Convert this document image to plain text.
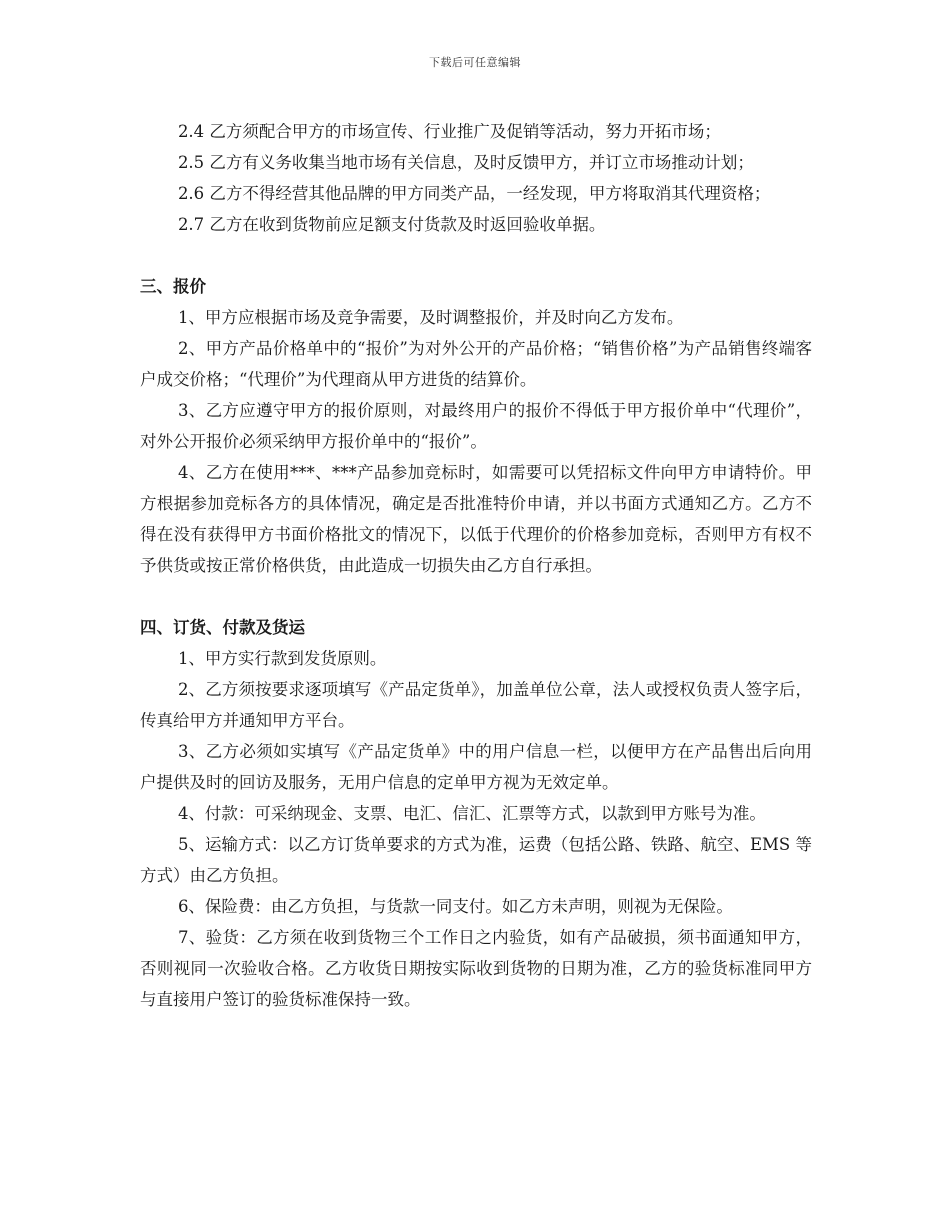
下载后可任意编辑

2.4 乙方须配合甲方的市场宣传、行业推广及促销等活动，努力开拓市场；

2.5 乙方有义务收集当地市场有关信息，及时反馈甲方，并订立市场推动计划；

2.6 乙方不得经营其他品牌的甲方同类产品，一经发现，甲方将取消其代理资格；

2.7 乙方在收到货物前应足额支付货款及时返回验收单据。

三、报价

1、甲方应根据市场及竞争需要，及时调整报价，并及时向乙方发布。

2、甲方产品价格单中的“报价”为对外公开的产品价格；“销售价格”为产品销售终端客户成交价格；“代理价”为代理商从甲方进货的结算价。

3、乙方应遵守甲方的报价原则，对最终用户的报价不得低于甲方报价单中“代理价”，对外公开报价必须采纳甲方报价单中的“报价”。

4、乙方在使用***、***产品参加竞标时，如需要可以凭招标文件向甲方申请特价。甲方根据参加竞标各方的具体情况，确定是否批准特价申请，并以书面方式通知乙方。乙方不得在没有获得甲方书面价格批文的情况下，以低于代理价的价格参加竞标，否则甲方有权不予供货或按正常价格供货，由此造成一切损失由乙方自行承担。

四、订货、付款及货运

1、甲方实行款到发货原则。

2、乙方须按要求逐项填写《产品定货单》，加盖单位公章，法人或授权负责人签字后，传真给甲方并通知甲方平台。

3、乙方必须如实填写《产品定货单》中的用户信息一栏，以便甲方在产品售出后向用户提供及时的回访及服务，无用户信息的定单甲方视为无效定单。

4、付款：可采纳现金、支票、电汇、信汇、汇票等方式，以款到甲方账号为准。

5、运输方式：以乙方订货单要求的方式为准，运费（包括公路、铁路、航空、EMS 等方式）由乙方负担。

6、保险费：由乙方负担，与货款一同支付。如乙方未声明，则视为无保险。

7、验货：乙方须在收到货物三个工作日之内验货，如有产品破损，须书面通知甲方，否则视同一次验收合格。乙方收货日期按实际收到货物的日期为准，乙方的验货标准同甲方与直接用户签订的验货标准保持一致。
